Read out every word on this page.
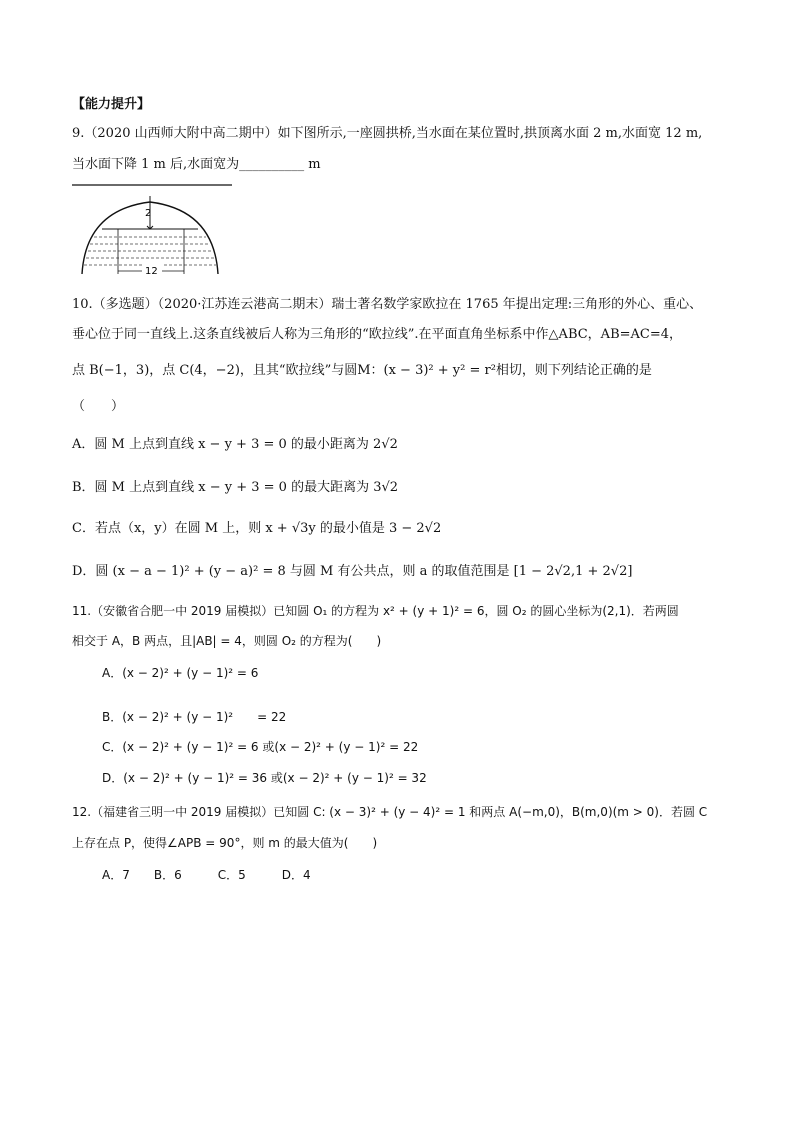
【能力提升】
9.（2020 山西师大附中高二期中）如下图所示,一座圆拱桥,当水面在某位置时,拱顶离水面 2 m,水面宽 12 m,
当水面下降 1 m 后,水面宽为__________ m
2
12
10.（多选题）（2020·江苏连云港高二期末）瑞士著名数学家欧拉在 1765 年提出定理:三角形的外心、重心、
垂心位于同一直线上.这条直线被后人称为三角形的“欧拉线”.在平面直角坐标系中作△ABC，AB=AC=4，
点 B(−1，3)，点 C(4，−2)，且其“欧拉线”与圆M：(x − 3)² + y² = r²相切，则下列结论正确的是
（　　）
A．圆 M 上点到直线 x − y + 3 = 0 的最小距离为 2√2
B．圆 M 上点到直线 x − y + 3 = 0 的最大距离为 3√2
C．若点（x，y）在圆 M 上，则 x + √3y 的最小值是 3 − 2√2
D．圆 (x − a − 1)² + (y − a)² = 8 与圆 M 有公共点，则 a 的取值范围是 [1 − 2√2,1 + 2√2]
11.（安徽省合肥一中 2019 届模拟）已知圆 O₁ 的方程为 x² + (y + 1)² = 6，圆 O₂ 的圆心坐标为(2,1)．若两圆
相交于 A，B 两点，且|AB| = 4，则圆 O₂ 的方程为(　　)
A．(x − 2)² + (y − 1)² = 6
B．(x − 2)² + (y − 1)²　　= 22
C．(x − 2)² + (y − 1)² = 6 或(x − 2)² + (y − 1)² = 22
D．(x − 2)² + (y − 1)² = 36 或(x − 2)² + (y − 1)² = 32
12.（福建省三明一中 2019 届模拟）已知圆 C: (x − 3)² + (y − 4)² = 1 和两点 A(−m,0)，B(m,0)(m > 0)．若圆 C
上存在点 P，使得∠APB = 90°，则 m 的最大值为(　　)
A．7　　B．6　　　C．5　　　D．4
